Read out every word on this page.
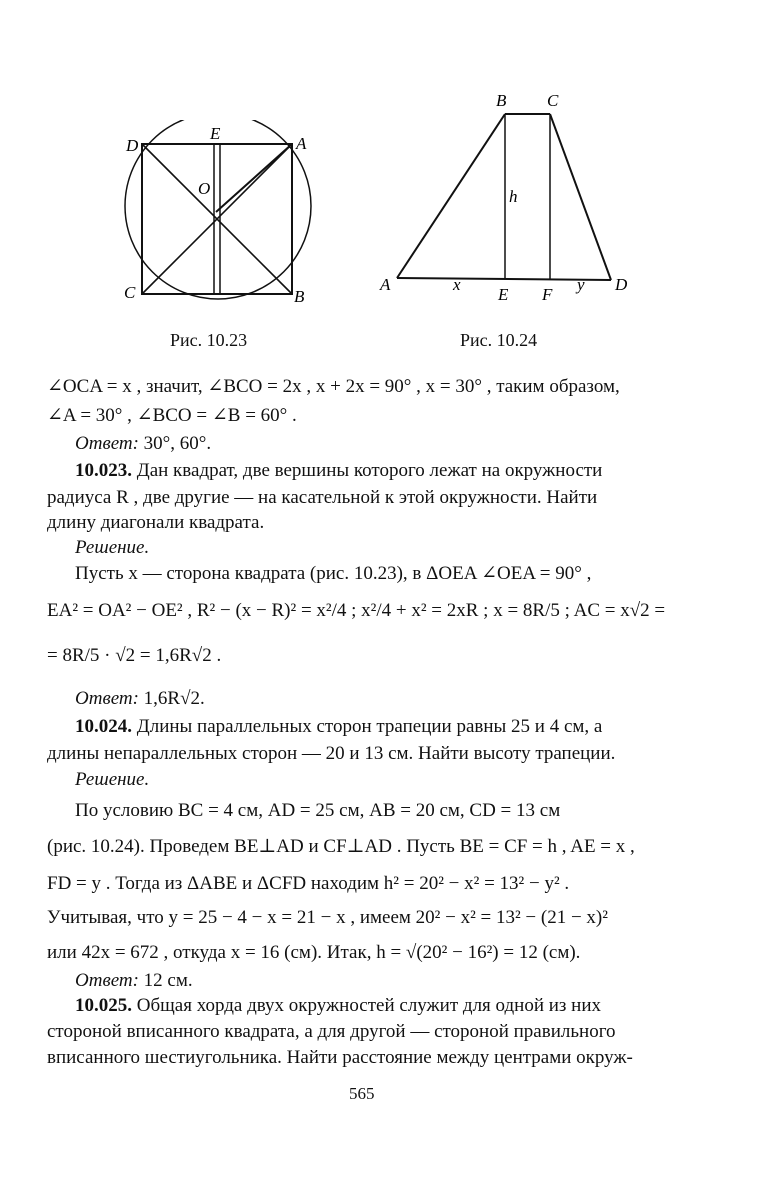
D
E
A
O
C	B
Рис. 10.23
B C
h
A	x
E F
y D
Рис. 10.24
∠OCA = x , значит, ∠BCO = 2x , x + 2x = 90° , x = 30° , таким образом,
∠A = 30° , ∠BCO = ∠B = 60° .
Ответ: 30°, 60°.
10.023. Дан квадрат, две вершины которого лежат на окружности
радиуса R , две другие — на касательной к этой окружности. Найти
длину диагонали квадрата.
Решение.
Пусть x — сторона квадрата (рис. 10.23), в ΔOEA ∠OEA = 90° ,
EA² = OA² − OE² , R² − (x − R)² = x²/4 ; x²/4 + x² = 2xR ; x = 8R/5 ; AC = x√2 =
= 8R/5 · √2 = 1,6R√2 .
Ответ: 1,6R√2.
10.024. Длины параллельных сторон трапеции равны 25 и 4 см, а
длины непараллельных сторон — 20 и 13 см. Найти высоту трапеции.
Решение.
По условию BC = 4 см, AD = 25 см, AB = 20 см, CD = 13 см
(рис. 10.24). Проведем BE⊥AD и CF⊥AD . Пусть BE = CF = h , AE = x ,
FD = y . Тогда из ΔABE и ΔCFD находим h² = 20² − x² = 13² − y² .
Учитывая, что y = 25 − 4 − x = 21 − x , имеем 20² − x² = 13² − (21 − x)²
или 42x = 672 , откуда x = 16 (см). Итак, h = √(20² − 16²) = 12 (см).
Ответ: 12 см.
10.025. Общая хорда двух окружностей служит для одной из них
стороной вписанного квадрата, а для другой — стороной правильного
вписанного шестиугольника. Найти расстояние между центрами окруж-
565
